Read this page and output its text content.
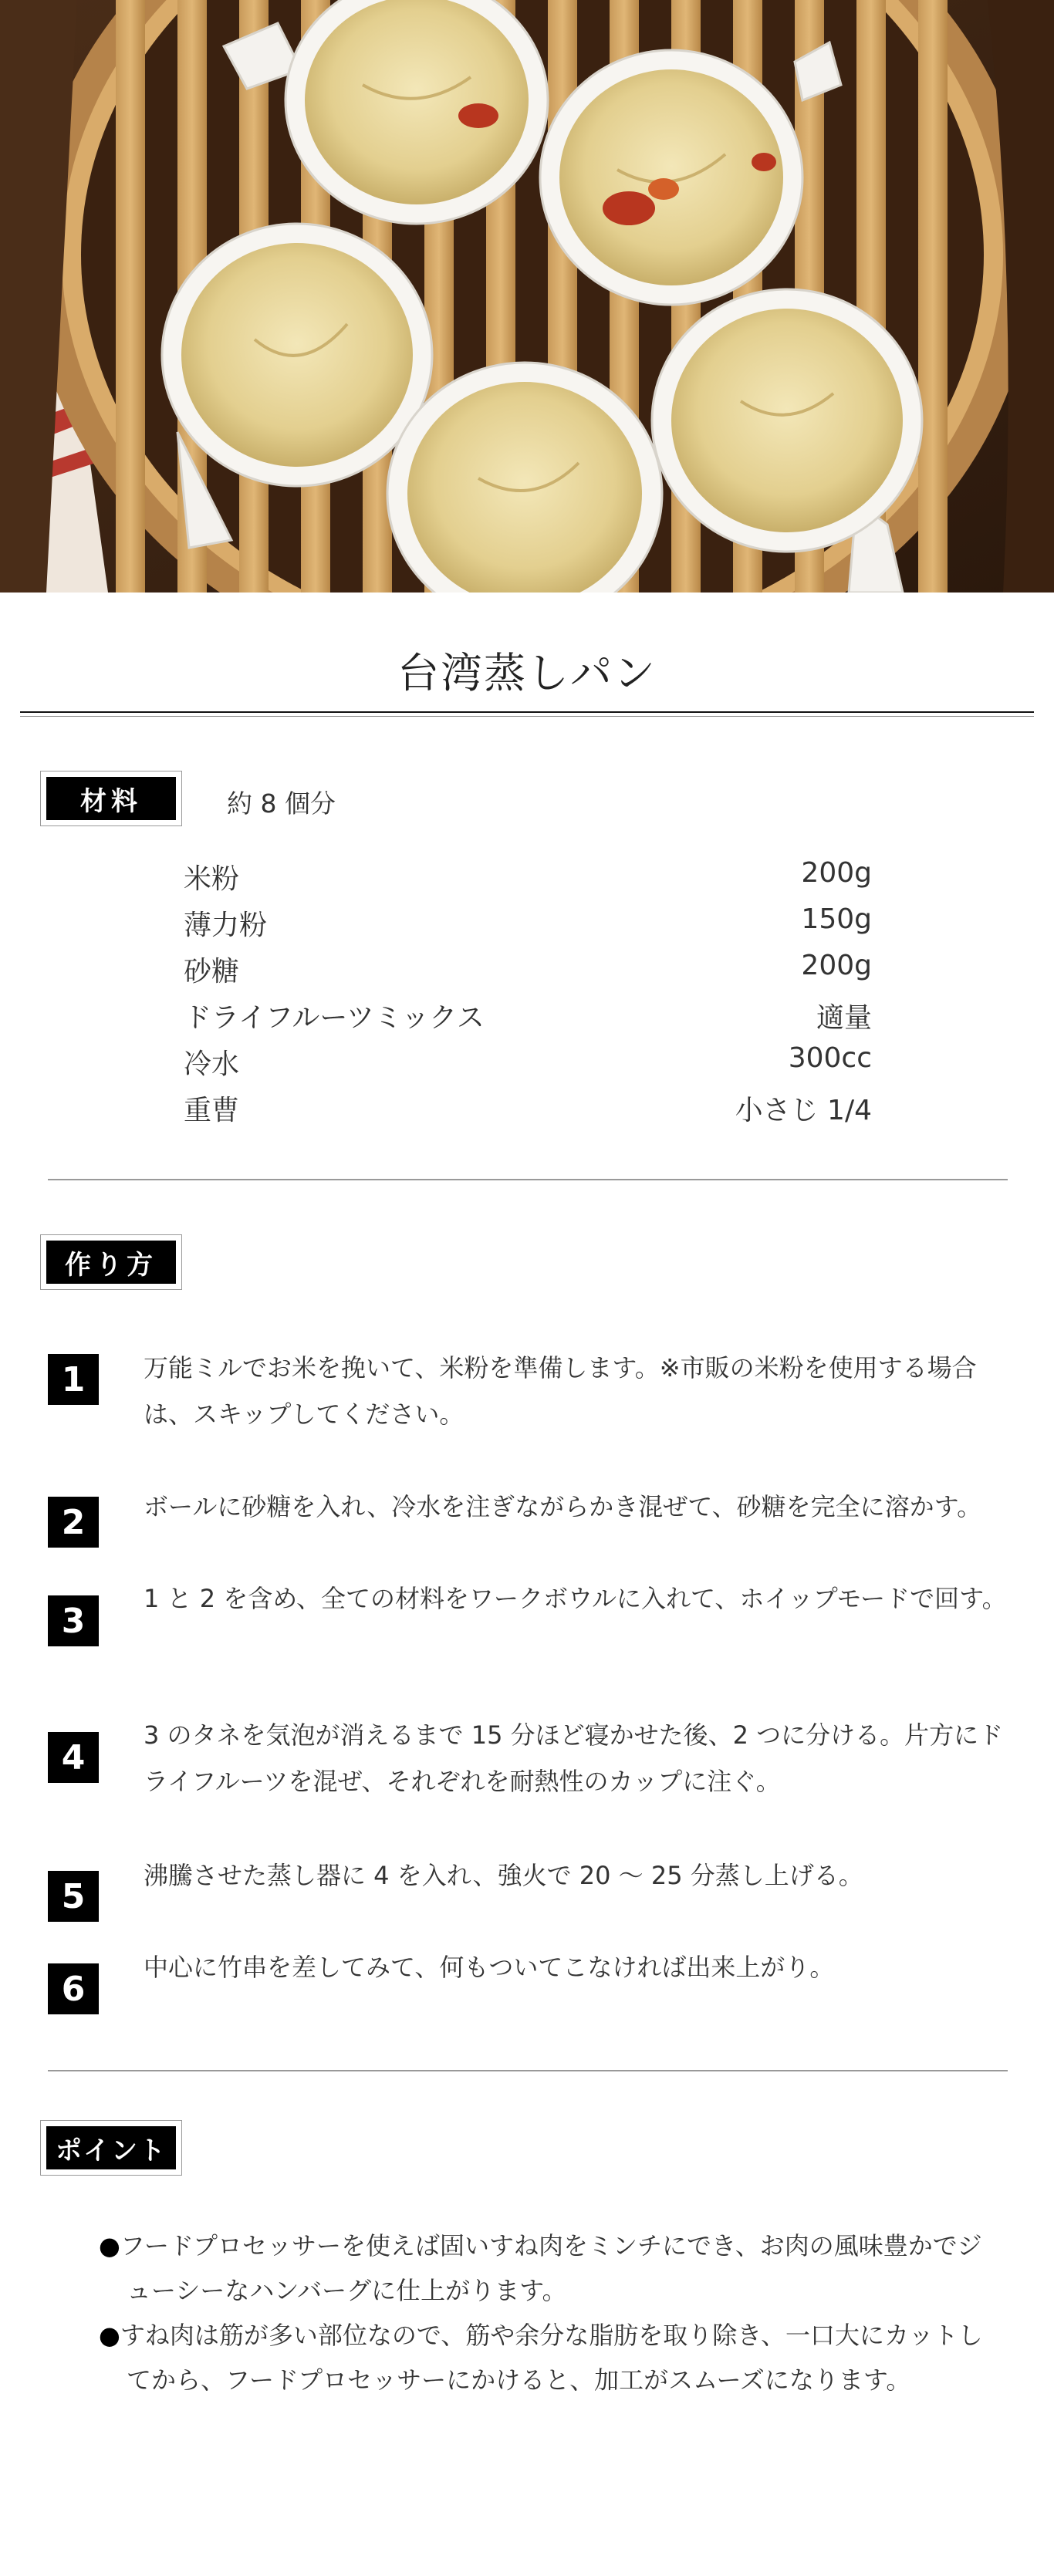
台湾蒸しパン
材料	約 8 個分
米粉	200g
薄力粉	150g
砂糖	200g
ドライフルーツミックス	適量
冷水	300cc
重曹	小さじ 1/4
作り方
1	万能ミルでお米を挽いて、米粉を準備します。※市販の米粉を使用する場合は、スキップしてください。
2	ボールに砂糖を入れ、冷水を注ぎながらかき混ぜて、砂糖を完全に溶かす。
3
1 と 2 を含め、全ての材料をワークボウルに入れて、ホイップモードで回す。
4
3 のタネを気泡が消えるまで 15 分ほど寝かせた後、2 つに分ける。片方にドライフルーツを混ぜ、それぞれを耐熱性のカップに注ぐ。
5
沸騰させた蒸し器に 4 を入れ、強火で 20 〜 25 分蒸し上げる。
6
中心に竹串を差してみて、何もついてこなければ出来上がり。
ポイント
●フードプロセッサーを使えば固いすね肉をミンチにでき、お肉の風味豊かでジューシーなハンバーグに仕上がります。
●すね肉は筋が多い部位なので、筋や余分な脂肪を取り除き、一口大にカットしてから、フードプロセッサーにかけると、加工がスムーズになります。
